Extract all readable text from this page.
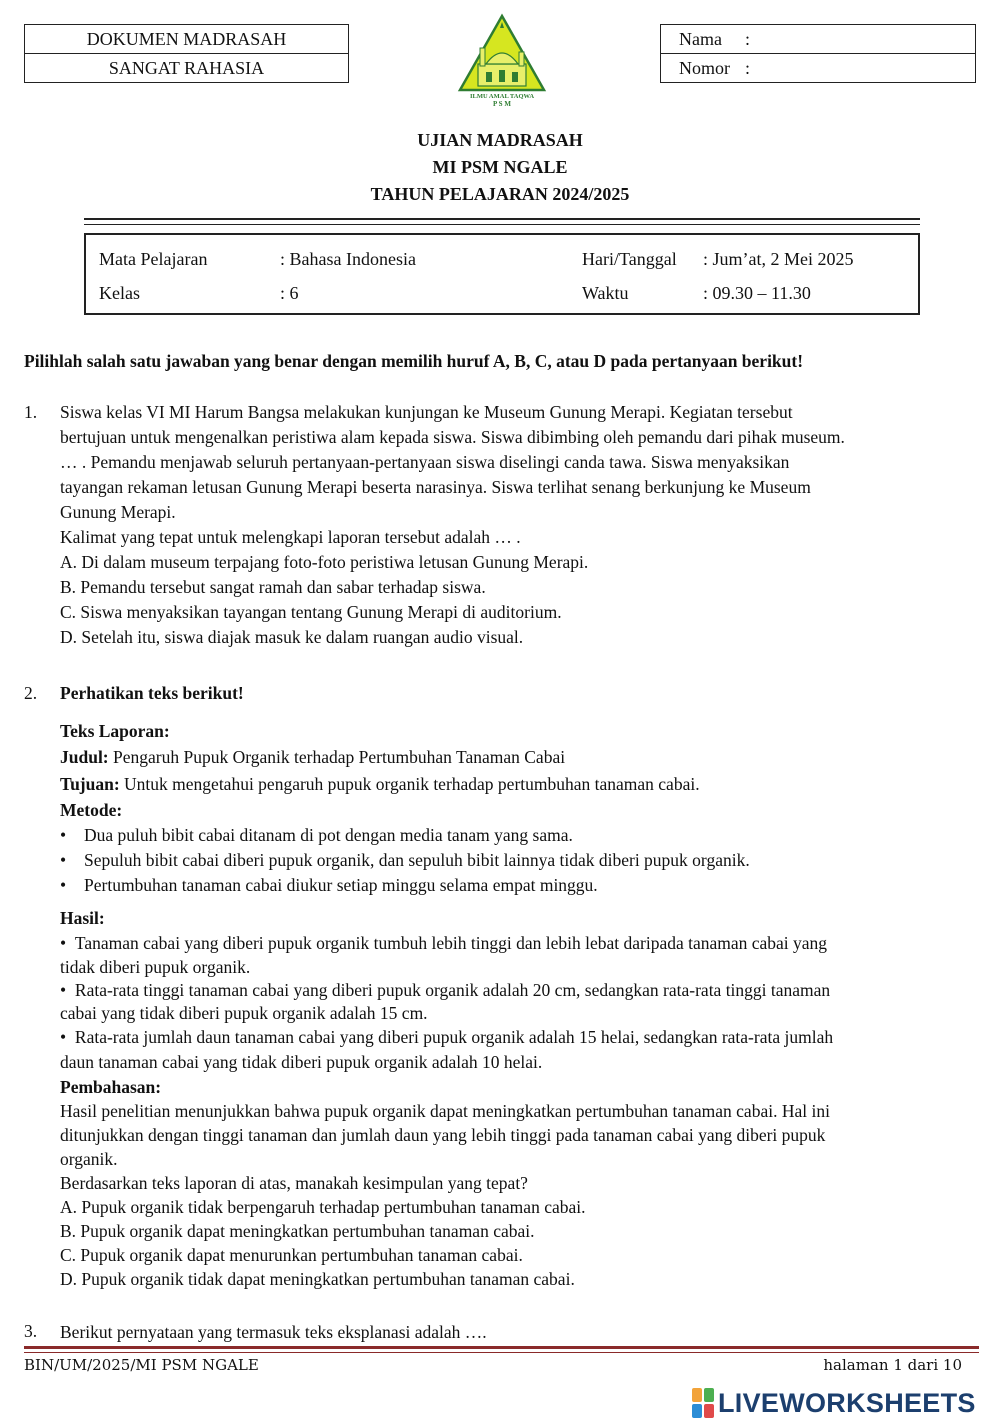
DOKUMEN MADRASAH
SANGAT RAHASIA
ILMU AMAL TAQWA
P S M
Nama :
Nomor :
UJIAN MADRASAH
MI PSM NGALE
TAHUN PELAJARAN 2024/2025
Mata Pelajaran	: Bahasa Indonesia	Hari/Tanggal : Jum’at, 2 Mei 2025
Kelas	: 6	Waktu	: 09.30 – 11.30
Pilihlah salah satu jawaban yang benar dengan memilih huruf A, B, C, atau D pada pertanyaan berikut!
1. Siswa kelas VI MI Harum Bangsa melakukan kunjungan ke Museum Gunung Merapi. Kegiatan tersebut
bertujuan untuk mengenalkan peristiwa alam kepada siswa. Siswa dibimbing oleh pemandu dari pihak museum.
… . Pemandu menjawab seluruh pertanyaan-pertanyaan siswa diselingi canda tawa. Siswa menyaksikan
tayangan rekaman letusan Gunung Merapi beserta narasinya. Siswa terlihat senang berkunjung ke Museum
Gunung Merapi.
Kalimat yang tepat untuk melengkapi laporan tersebut adalah … .
A. Di dalam museum terpajang foto-foto peristiwa letusan Gunung Merapi.
B. Pemandu tersebut sangat ramah dan sabar terhadap siswa.
C. Siswa menyaksikan tayangan tentang Gunung Merapi di auditorium.
D. Setelah itu, siswa diajak masuk ke dalam ruangan audio visual.
2. Perhatikan teks berikut!
Teks Laporan:
Judul: Pengaruh Pupuk Organik terhadap Pertumbuhan Tanaman Cabai
Tujuan: Untuk mengetahui pengaruh pupuk organik terhadap pertumbuhan tanaman cabai.
Metode:
• Dua puluh bibit cabai ditanam di pot dengan media tanam yang sama.
• Sepuluh bibit cabai diberi pupuk organik, dan sepuluh bibit lainnya tidak diberi pupuk organik.
• Pertumbuhan tanaman cabai diukur setiap minggu selama empat minggu.
Hasil:
• Tanaman cabai yang diberi pupuk organik tumbuh lebih tinggi dan lebih lebat daripada tanaman cabai yang
tidak diberi pupuk organik.
• Rata-rata tinggi tanaman cabai yang diberi pupuk organik adalah 20 cm, sedangkan rata-rata tinggi tanaman
cabai yang tidak diberi pupuk organik adalah 15 cm.
• Rata-rata jumlah daun tanaman cabai yang diberi pupuk organik adalah 15 helai, sedangkan rata-rata jumlah
daun tanaman cabai yang tidak diberi pupuk organik adalah 10 helai.
Pembahasan:
Hasil penelitian menunjukkan bahwa pupuk organik dapat meningkatkan pertumbuhan tanaman cabai. Hal ini
ditunjukkan dengan tinggi tanaman dan jumlah daun yang lebih tinggi pada tanaman cabai yang diberi pupuk
organik.
Berdasarkan teks laporan di atas, manakah kesimpulan yang tepat?
A. Pupuk organik tidak berpengaruh terhadap pertumbuhan tanaman cabai.
B. Pupuk organik dapat meningkatkan pertumbuhan tanaman cabai.
C. Pupuk organik dapat menurunkan pertumbuhan tanaman cabai.
D. Pupuk organik tidak dapat meningkatkan pertumbuhan tanaman cabai.
3. Berikut pernyataan yang termasuk teks eksplanasi adalah ….
BIN/UM/2025/MI PSM NGALE	halaman 1 dari 10
LIVEWORKSHEETS
